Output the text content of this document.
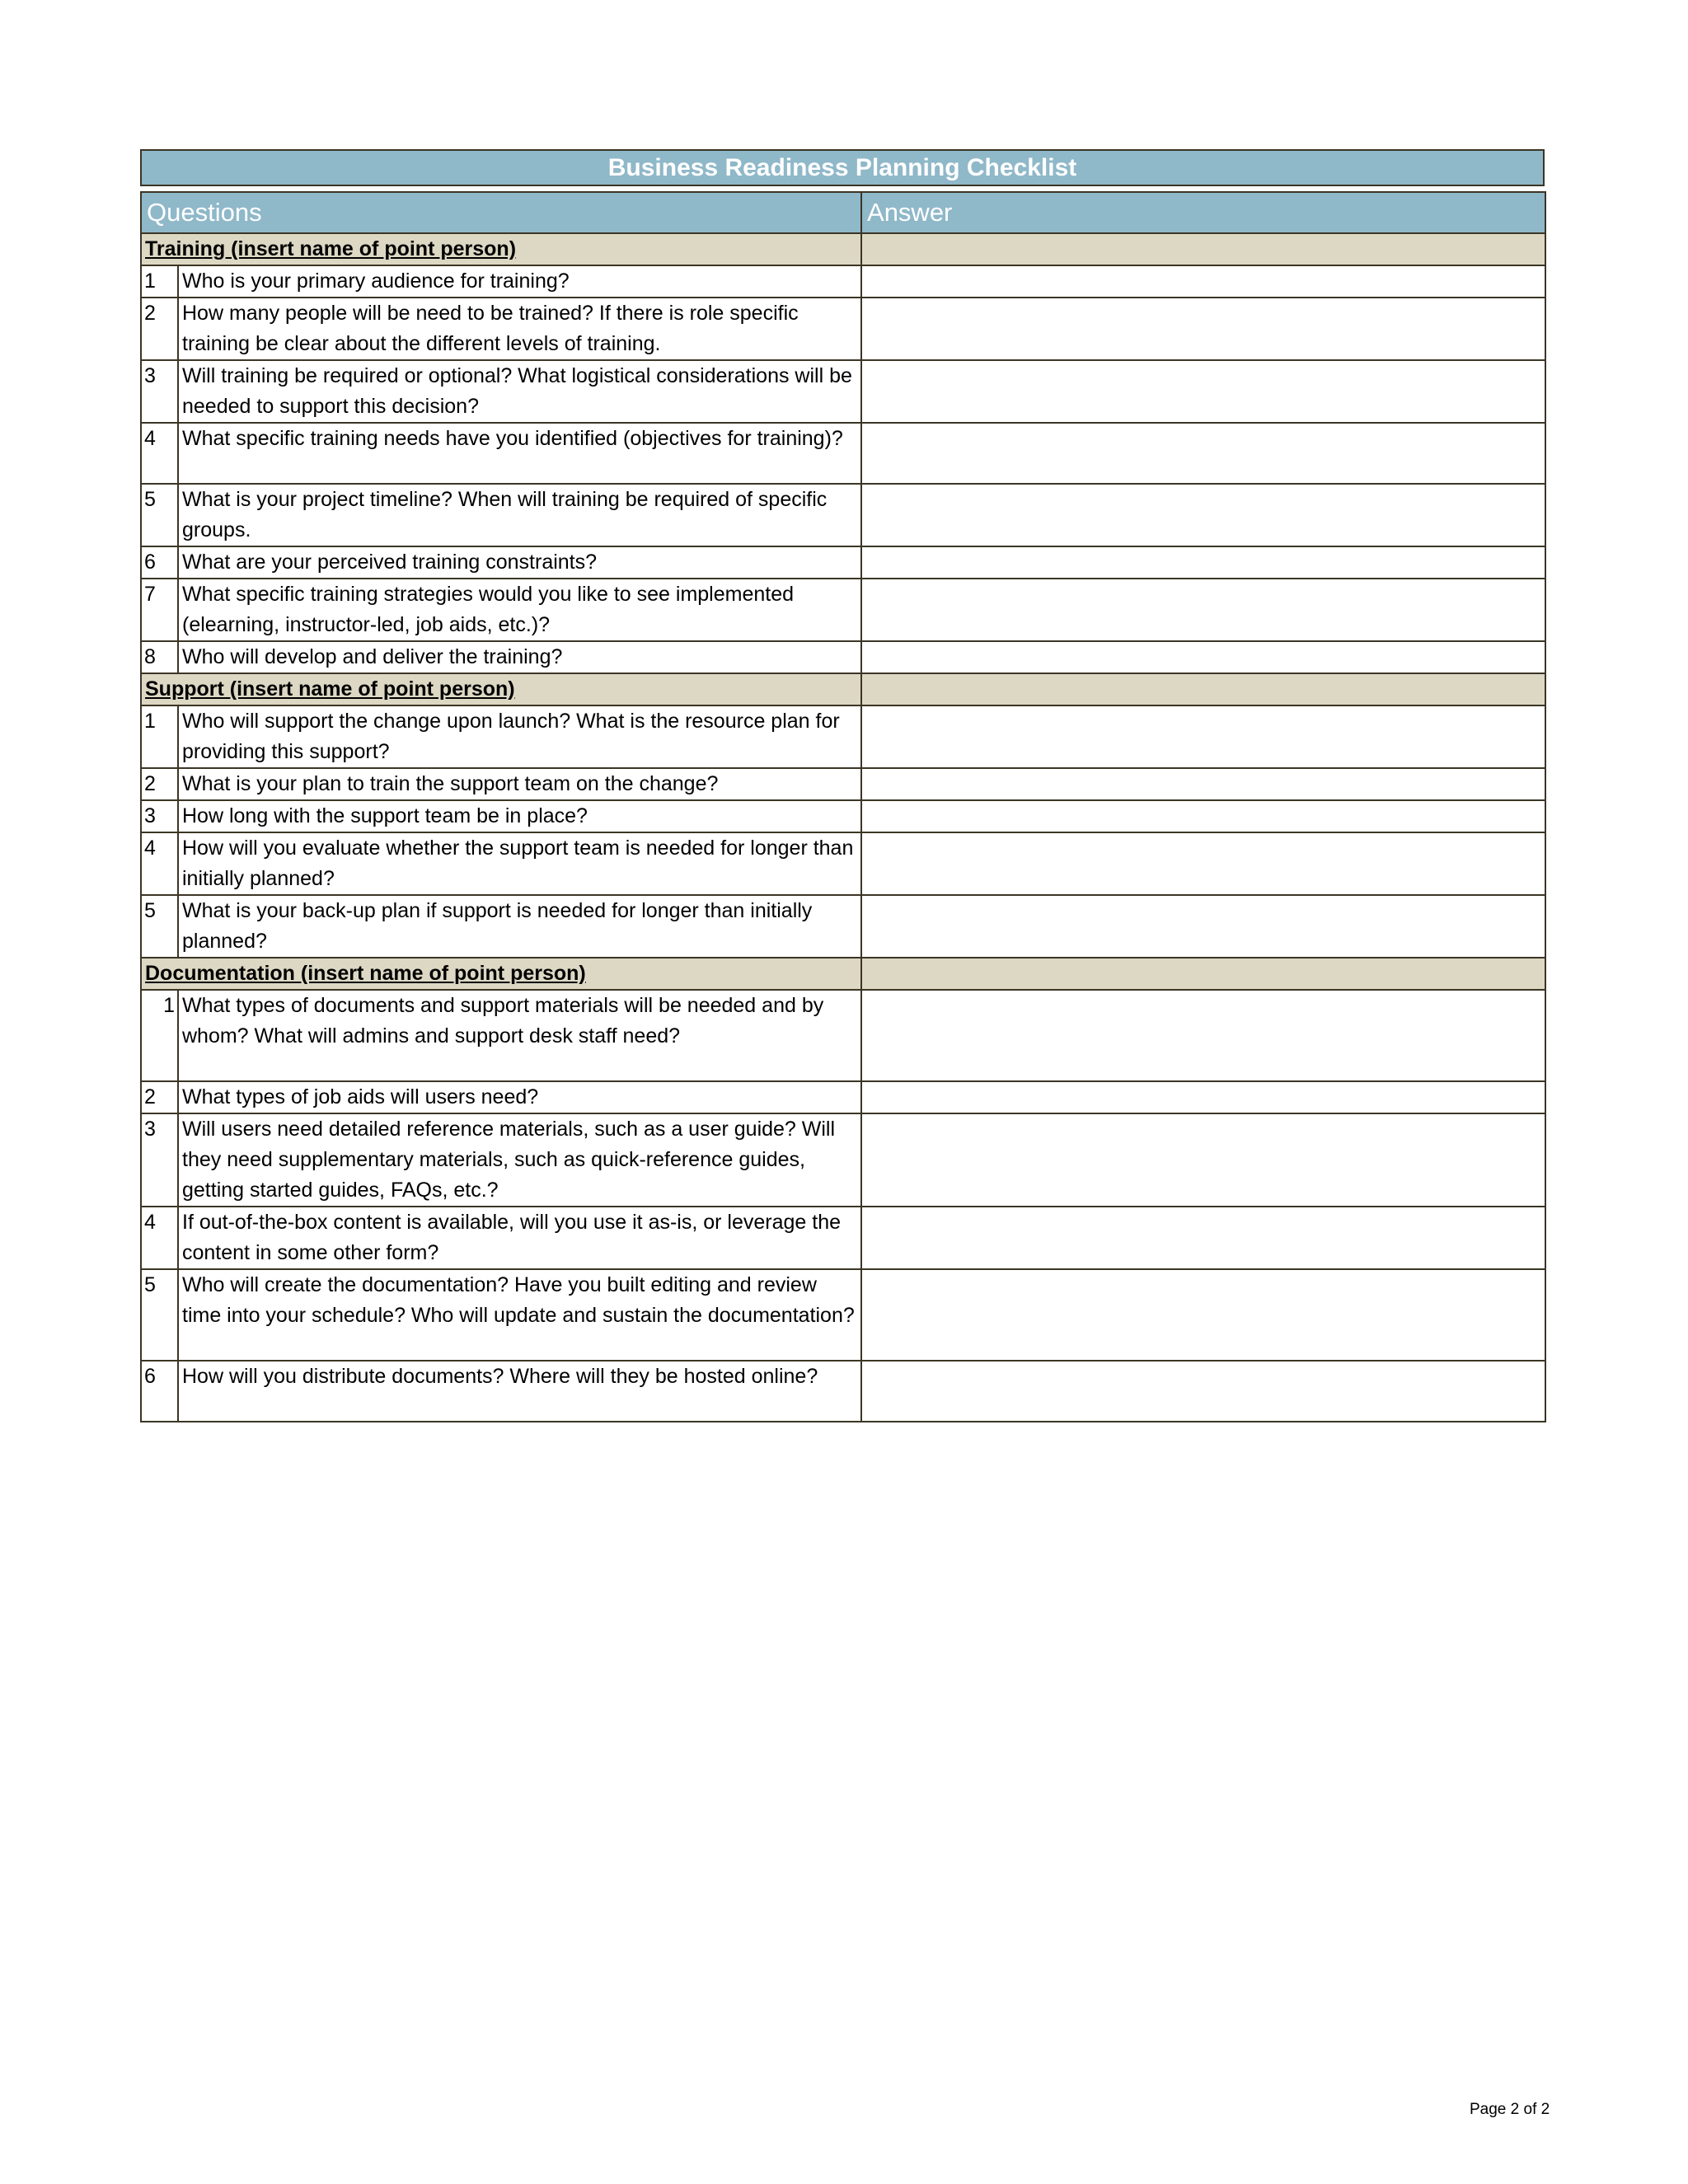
Business Readiness Planning Checklist
Questions		Answer
Training (insert name of point person)		
1	Who is your primary audience for training?	
2	How many people will be need to be trained? If there is role specific training be clear about the different levels of training.	
3	Will training be required or optional? What logistical considerations will be needed to support this decision?	
4	What specific training needs have you identified (objectives for training)?	
5	What is your project timeline? When will training be required of specific groups.	
6	What are your perceived training constraints?	
7	What specific training strategies would you like to see implemented (elearning, instructor-led, job aids, etc.)?	
8	Who will develop and deliver the training?	
Support (insert name of point person)		
1	Who will support the change upon launch? What is the resource plan for providing this support?	
2	What is your plan to train the support team on the change?	
3	How long with the support team be in place?	
4	How will you evaluate whether the support team is needed for longer than initially planned?	
5	What is your back-up plan if support is needed for longer than initially planned?	
Documentation (insert name of point person)		
1	What types of documents and support materials will be needed and by whom? What will admins and support desk staff need?	
2	What types of job aids will users need?	
3	Will users need detailed reference materials, such as a user guide? Will they need supplementary materials, such as quick-reference guides, getting started guides, FAQs, etc.?	
4	If out-of-the-box content is available, will you use it as-is, or leverage the content in some other form?	
5	Who will create the documentation? Have you built editing and review time into your schedule? Who will update and sustain the documentation?	
6	How will you distribute documents? Where will they be hosted online?	
Page 2 of 2
